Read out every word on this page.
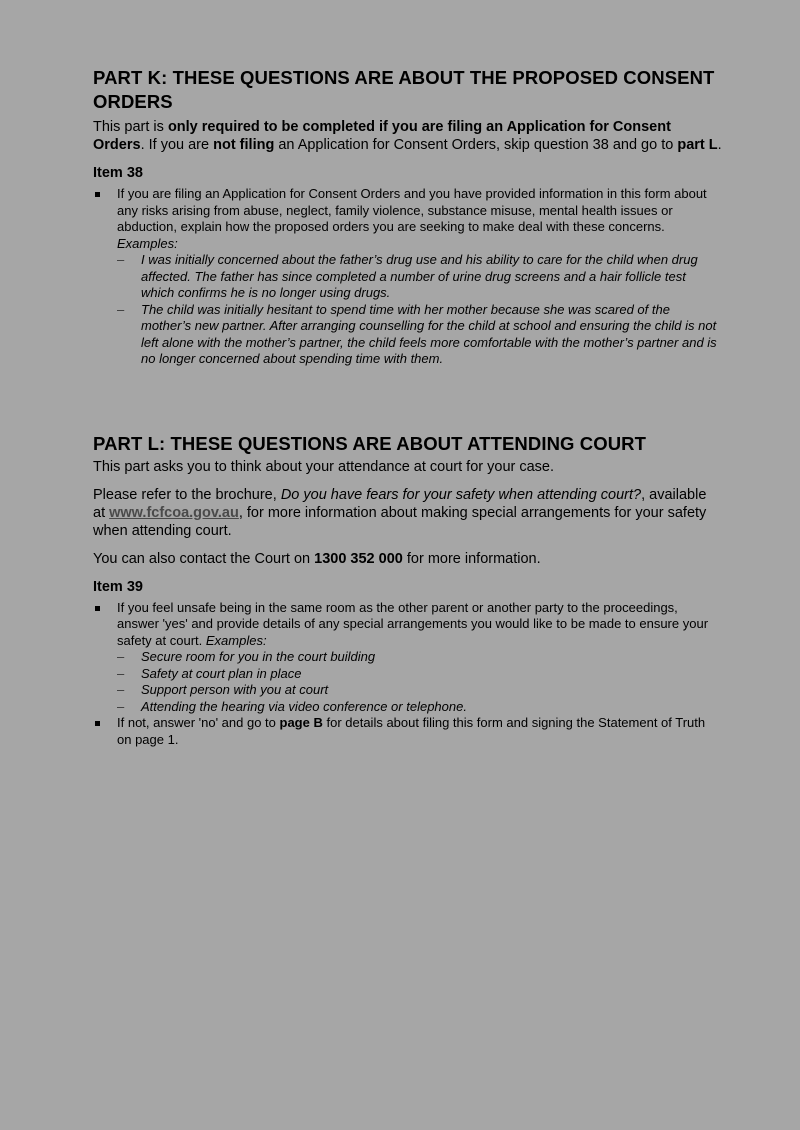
PART K: THESE QUESTIONS ARE ABOUT THE PROPOSED CONSENT ORDERS

This part is only required to be completed if you are filing an Application for Consent Orders. If you are not filing an Application for Consent Orders, skip question 38 and go to part L.

Item 38
If you are filing an Application for Consent Orders and you have provided information in this form about any risks arising from abuse, neglect, family violence, substance misuse, mental health issues or abduction, explain how the proposed orders you are seeking to make deal with these concerns.
Examples:
– I was initially concerned about the father’s drug use and his ability to care for the child when drug affected. The father has since completed a number of urine drug screens and a hair follicle test which confirms he is no longer using drugs.
– The child was initially hesitant to spend time with her mother because she was scared of the mother’s new partner. After arranging counselling for the child at school and ensuring the child is not left alone with the mother’s partner, the child feels more comfortable with the mother’s partner and is no longer concerned about spending time with them.
PART L: THESE QUESTIONS ARE ABOUT ATTENDING COURT

This part asks you to think about your attendance at court for your case.

Please refer to the brochure, Do you have fears for your safety when attending court?, available at www.fcfcoa.gov.au, for more information about making special arrangements for your safety when attending court.

You can also contact the Court on 1300 352 000 for more information.

Item 39
If you feel unsafe being in the same room as the other parent or another party to the proceedings, answer 'yes' and provide details of any special arrangements you would like to be made to ensure your safety at court. Examples:
– Secure room for you in the court building
– Safety at court plan in place
– Support person with you at court
– Attending the hearing via video conference or telephone.
If not, answer 'no' and go to page B for details about filing this form and signing the Statement of Truth on page 1.
